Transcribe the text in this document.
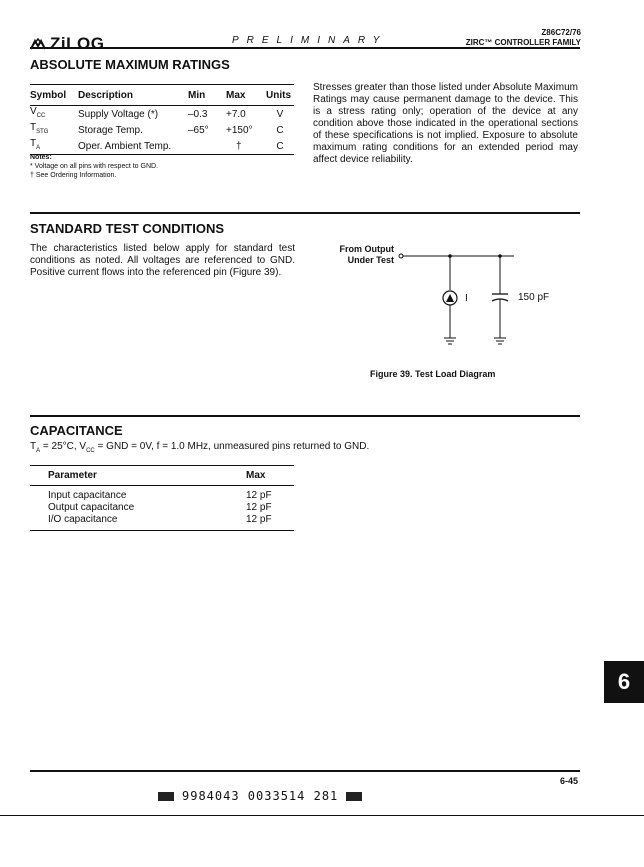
ZiLOG	PRELIMINARY
Z86C72/76
ZIRC™ CONTROLLER FAMILY
ABSOLUTE MAXIMUM RATINGS
Symbol	Description	Min	Max	Units
$V_{CC}$	Supply Voltage (*)	–0.3	+7.0	V
$T_{STG}$	Storage Temp.	–65°	+150°	C
$T_A$	Oper. Ambient Temp.		†	C
Notes:
* Voltage on all pins with respect to GND.
† See Ordering Information.
Stresses greater than those listed under Absolute Maximum Ratings may cause permanent damage to the device. This is a stress rating only; operation of the device at any condition above those indicated in the operational sections of these specifications is not implied. Exposure to absolute maximum rating conditions for an extended period may affect device reliability.
STANDARD TEST CONDITIONS
The characteristics listed below apply for standard test conditions as noted. All voltages are referenced to GND. Positive current flows into the referenced pin (Figure 39).
From Output
Under Test
I	150 pF
Figure 39. Test Load Diagram
CAPACITANCE
$T_A = 25^\circ C$, $V_{CC}$ = GND = 0V, f = 1.0 MHz, unmeasured pins returned to GND.
Parameter	Max
Input capacitance	12 pF
Output capacitance	12 pF
I/O capacitance	12 pF
6
6-45
9984043 0033514 281
